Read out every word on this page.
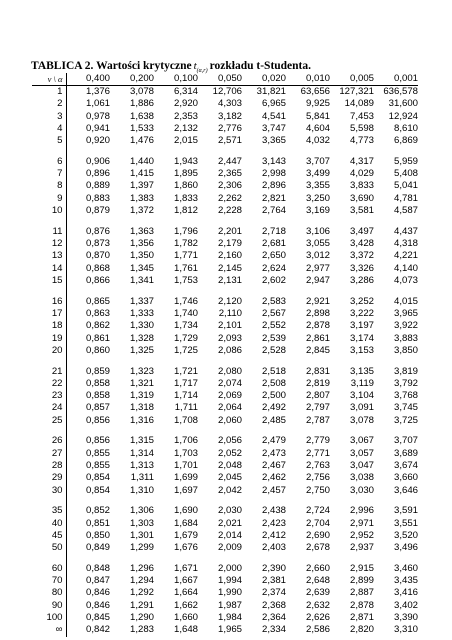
TABLICA 2. Wartości krytyczne $t_{(\alpha,r)}$ rozkładu t-Studenta.
ν \ α	0,400	0,200	0,100	0,050	0,020	0,010	0,005	0,001
1	1,376	3,078	6,314	12,706	31,821	63,656	127,321	636,578
2	1,061	1,886	2,920	4,303	6,965	9,925	14,089	31,600
3	0,978	1,638	2,353	3,182	4,541	5,841	7,453	12,924
4	0,941	1,533	2,132	2,776	3,747	4,604	5,598	8,610
5	0,920	1,476	2,015	2,571	3,365	4,032	4,773	6,869

6	0,906	1,440	1,943	2,447	3,143	3,707	4,317	5,959
7	0,896	1,415	1,895	2,365	2,998	3,499	4,029	5,408
8	0,889	1,397	1,860	2,306	2,896	3,355	3,833	5,041
9	0,883	1,383	1,833	2,262	2,821	3,250	3,690	4,781
10	0,879	1,372	1,812	2,228	2,764	3,169	3,581	4,587

11	0,876	1,363	1,796	2,201	2,718	3,106	3,497	4,437
12	0,873	1,356	1,782	2,179	2,681	3,055	3,428	4,318
13	0,870	1,350	1,771	2,160	2,650	3,012	3,372	4,221
14	0,868	1,345	1,761	2,145	2,624	2,977	3,326	4,140
15	0,866	1,341	1,753	2,131	2,602	2,947	3,286	4,073

16	0,865	1,337	1,746	2,120	2,583	2,921	3,252	4,015
17	0,863	1,333	1,740	2,110	2,567	2,898	3,222	3,965
18	0,862	1,330	1,734	2,101	2,552	2,878	3,197	3,922
19	0,861	1,328	1,729	2,093	2,539	2,861	3,174	3,883
20	0,860	1,325	1,725	2,086	2,528	2,845	3,153	3,850

21	0,859	1,323	1,721	2,080	2,518	2,831	3,135	3,819
22	0,858	1,321	1,717	2,074	2,508	2,819	3,119	3,792
23	0,858	1,319	1,714	2,069	2,500	2,807	3,104	3,768
24	0,857	1,318	1,711	2,064	2,492	2,797	3,091	3,745
25	0,856	1,316	1,708	2,060	2,485	2,787	3,078	3,725

26	0,856	1,315	1,706	2,056	2,479	2,779	3,067	3,707
27	0,855	1,314	1,703	2,052	2,473	2,771	3,057	3,689
28	0,855	1,313	1,701	2,048	2,467	2,763	3,047	3,674
29	0,854	1,311	1,699	2,045	2,462	2,756	3,038	3,660
30	0,854	1,310	1,697	2,042	2,457	2,750	3,030	3,646

35	0,852	1,306	1,690	2,030	2,438	2,724	2,996	3,591
40	0,851	1,303	1,684	2,021	2,423	2,704	2,971	3,551
45	0,850	1,301	1,679	2,014	2,412	2,690	2,952	3,520
50	0,849	1,299	1,676	2,009	2,403	2,678	2,937	3,496

60	0,848	1,296	1,671	2,000	2,390	2,660	2,915	3,460
70	0,847	1,294	1,667	1,994	2,381	2,648	2,899	3,435
80	0,846	1,292	1,664	1,990	2,374	2,639	2,887	3,416
90	0,846	1,291	1,662	1,987	2,368	2,632	2,878	3,402
100	0,845	1,290	1,660	1,984	2,364	2,626	2,871	3,390
∞	0,842	1,283	1,648	1,965	2,334	2,586	2,820	3,310
